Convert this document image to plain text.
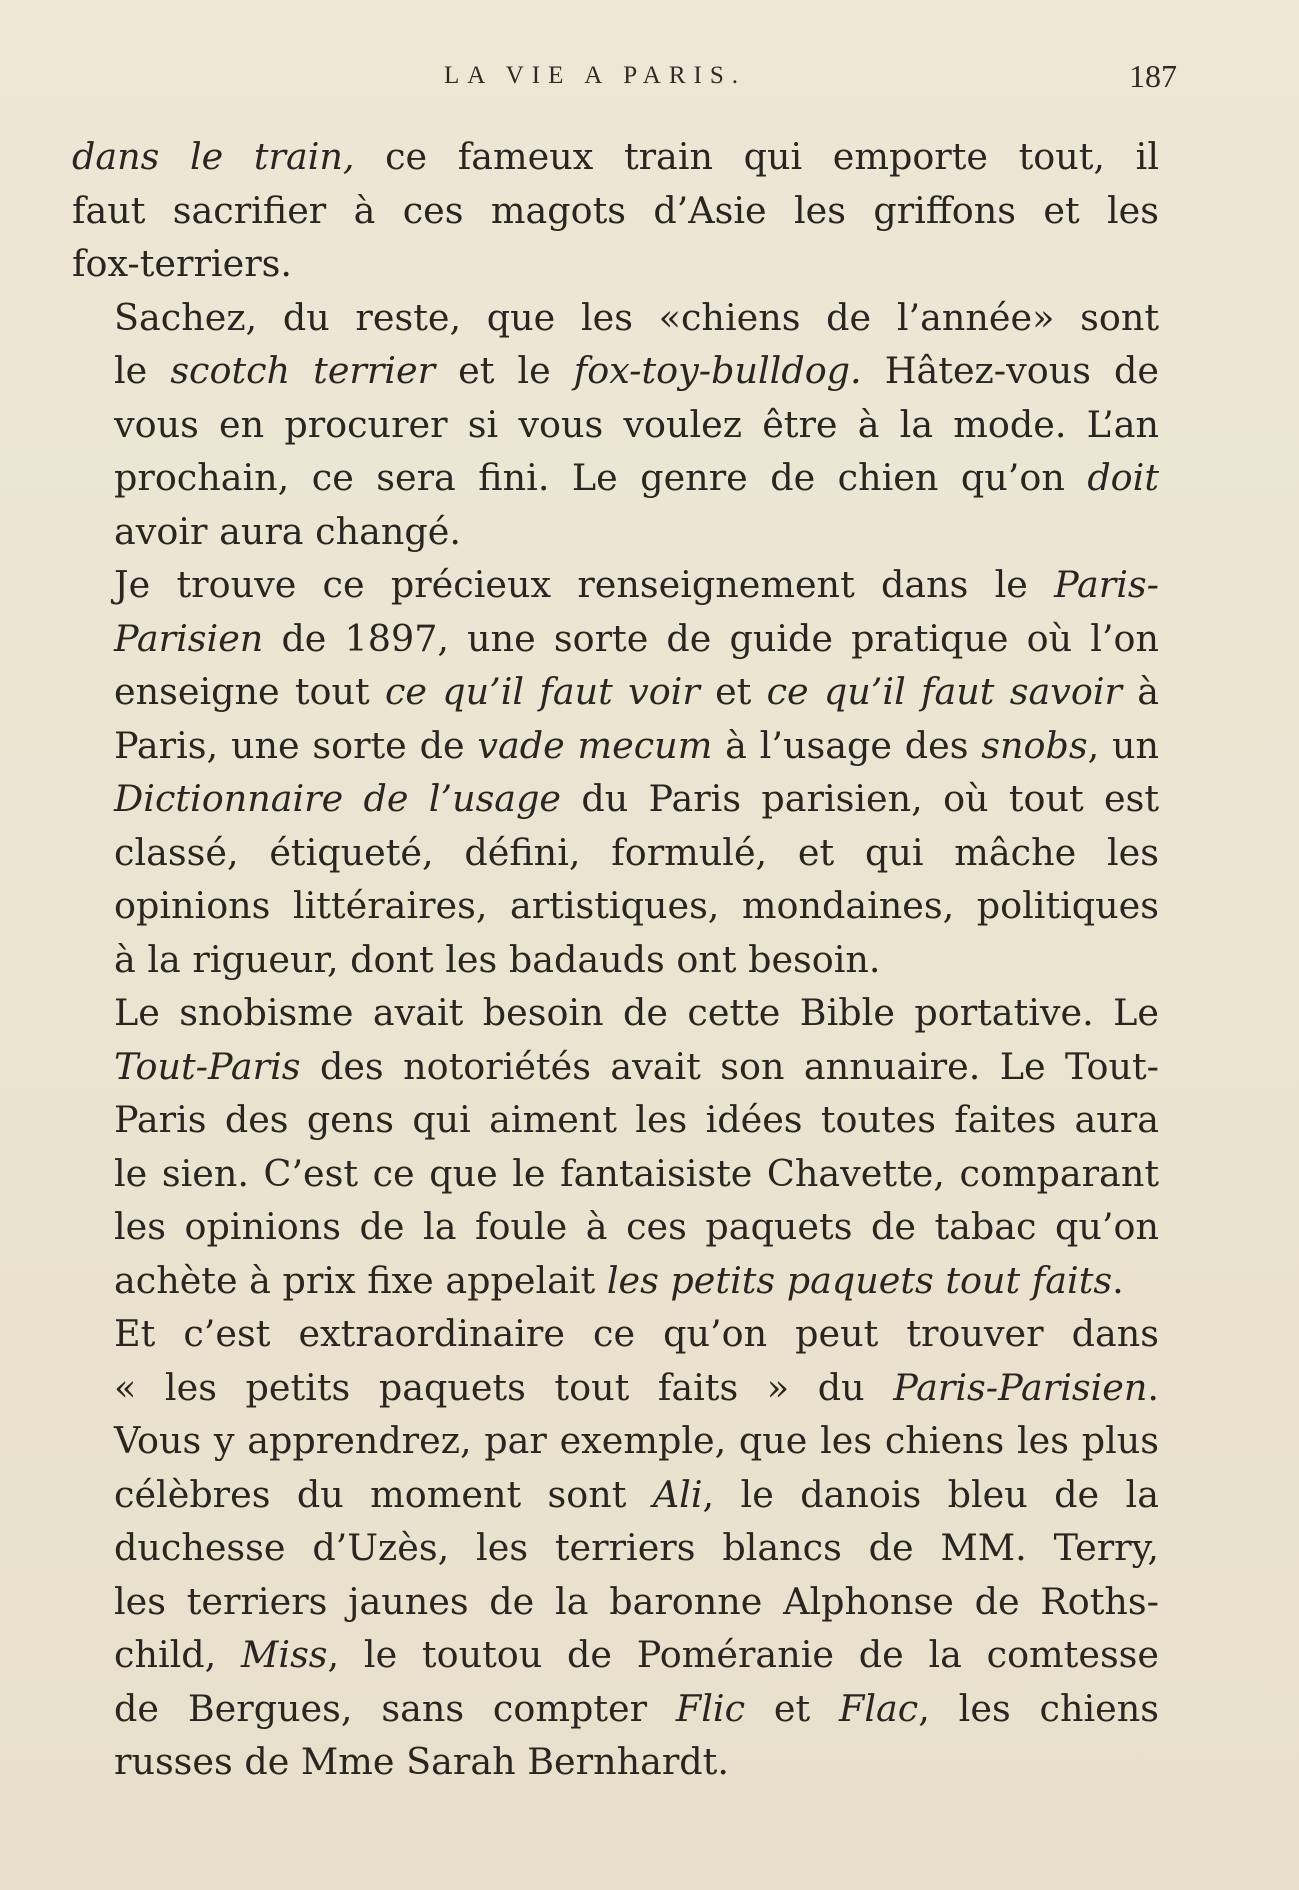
LA VIE A PARIS.	187

dans le train, ce fameux train qui emporte tout, il
faut sacrifier à ces magots d’Asie les griffons et les
fox-terriers.

Sachez, du reste, que les «chiens de l’année» sont
le scotch terrier et le fox-toy-bulldog. Hâtez-vous de
vous en procurer si vous voulez être à la mode. L’an
prochain, ce sera fini. Le genre de chien qu’on doit
avoir aura changé.

Je trouve ce précieux renseignement dans le Paris-
Parisien de 1897, une sorte de guide pratique où l’on
enseigne tout ce qu’il faut voir et ce qu’il faut savoir à
Paris, une sorte de vade mecum à l’usage des snobs, un
Dictionnaire de l’usage du Paris parisien, où tout est
classé, étiqueté, défini, formulé, et qui mâche les
opinions littéraires, artistiques, mondaines, politiques
à la rigueur, dont les badauds ont besoin.

Le snobisme avait besoin de cette Bible portative. Le
Tout-Paris des notoriétés avait son annuaire. Le Tout-
Paris des gens qui aiment les idées toutes faites aura
le sien. C’est ce que le fantaisiste Chavette, comparant
les opinions de la foule à ces paquets de tabac qu’on
achète à prix fixe appelait les petits paquets tout faits.

Et c’est extraordinaire ce qu’on peut trouver dans
« les petits paquets tout faits » du Paris-Parisien.
Vous y apprendrez, par exemple, que les chiens les plus
célèbres du moment sont Ali, le danois bleu de la
duchesse d’Uzès, les terriers blancs de MM. Terry,
les terriers jaunes de la baronne Alphonse de Roths-
child, Miss, le toutou de Poméranie de la comtesse
de Bergues, sans compter Flic et Flac, les chiens
russes de Mme Sarah Bernhardt.
